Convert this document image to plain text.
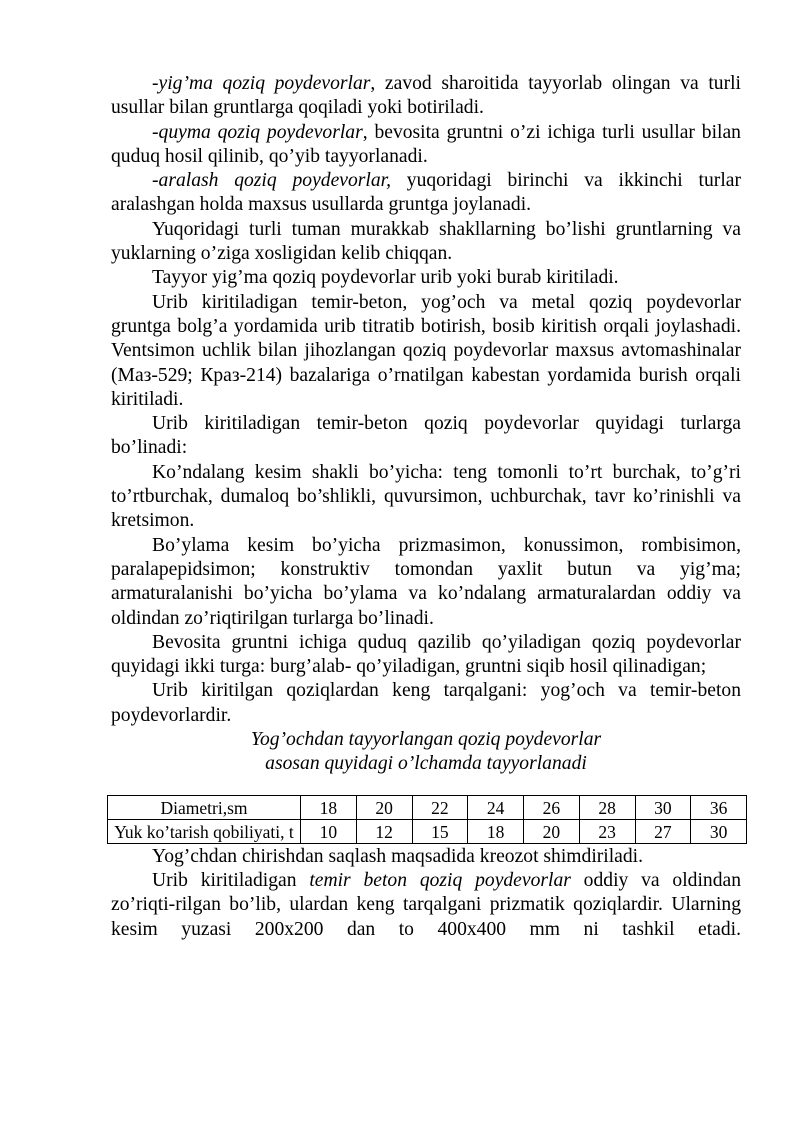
-yig’ma qoziq poydevorlar, zavod sharoitida tayyorlab olingan va turli usullar bilan gruntlarga qoqiladi yoki botiriladi.

-quyma qoziq poydevorlar, bevosita gruntni o’zi ichiga turli usullar bilan quduq hosil qilinib, qo’yib tayyorlanadi.

-aralash qoziq poydevorlar, yuqoridagi birinchi va ikkinchi turlar aralashgan holda maxsus usullarda gruntga joylanadi.

Yuqoridagi turli tuman murakkab shakllarning bo’lishi gruntlarning va yuklarning o’ziga xosligidan kelib chiqqan.

Tayyor yig’ma qoziq poydevorlar urib yoki burab kiritiladi.

Urib kiritiladigan temir-beton, yog’och va metal qoziq poydevorlar gruntga bolg’a yordamida urib titratib botirish, bosib kiritish orqali joylashadi. Ventsimon uchlik bilan jihozlangan qoziq poydevorlar maxsus avtomashinalar (Маз-529; Краз-214) bazalariga o’rnatilgan kabestan yordamida burish orqali kiritiladi.

Urib kiritiladigan temir-beton qoziq poydevorlar quyidagi turlarga bo’linadi:

Ko’ndalang kesim shakli bo’yicha: teng tomonli to’rt burchak, to’g’ri to’rtburchak, dumaloq bo’shlikli, quvursimon, uchburchak, tavr ko’rinishli va kretsimon.

Bo’ylama kesim bo’yicha prizmasimon, konussimon, rombisimon, paralapepidsimon; konstruktiv tomondan yaxlit butun va yig’ma; armaturalanishi bo’yicha bo’ylama va ko’ndalang armaturalardan oddiy va oldindan zo’riqtirilgan turlarga bo’linadi.

Bevosita gruntni ichiga quduq qazilib qo’yiladigan qoziq poydevorlar quyidagi ikki turga: burg’alab- qo’yiladigan, gruntni siqib hosil qilinadigan;

Urib kiritilgan qoziqlardan keng tarqalgani: yog’och va temir-beton poydevorlardir.

Yog’ochdan tayyorlangan qoziq poydevorlar

asosan quyidagi o’lchamda tayyorlanadi

Diametri,sm	18	20	22	24	26	28	30	36
Yuk ko’tarish qobiliyati, t	10	12	15	18	20	23	27	30

Yog’chdan chirishdan saqlash maqsadida kreozot shimdiriladi.

Urib kiritiladigan temir beton qoziq poydevorlar oddiy va oldindan zo’riqti-rilgan bo’lib, ulardan keng tarqalgani prizmatik qoziqlardir. Ularning kesim yuzasi 200x200 dan to 400x400 mm ni tashkil etadi.
